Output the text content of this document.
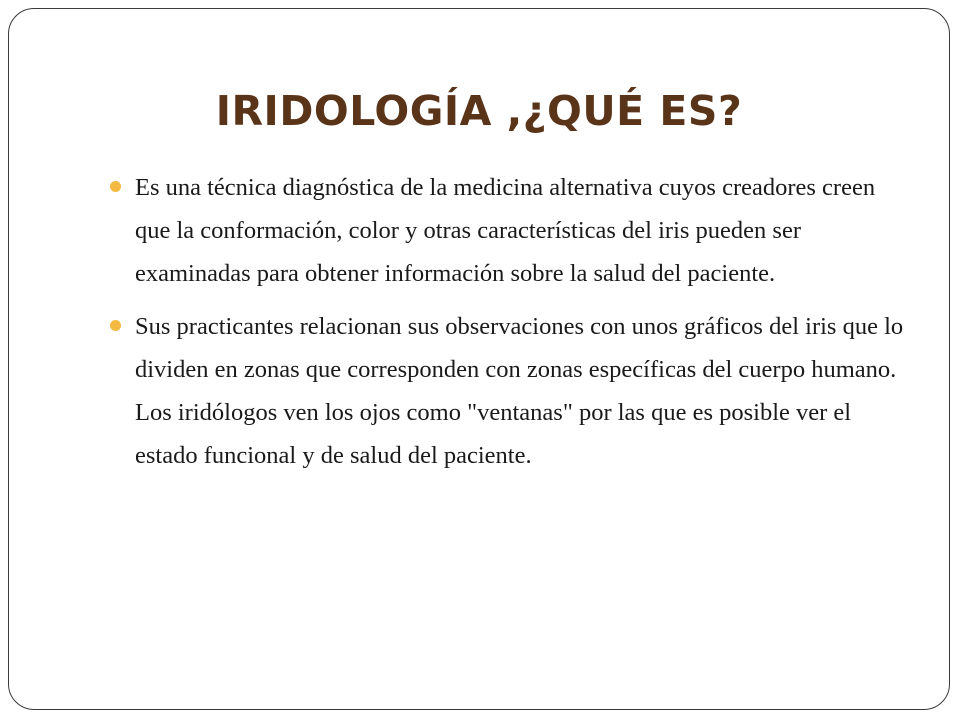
IRIDOLOGÍA ,¿QUÉ ES?
Es una técnica diagnóstica de la medicina alternativa cuyos creadores creen que la conformación, color y otras características del iris pueden ser examinadas para obtener información sobre la salud del paciente.
Sus practicantes relacionan sus observaciones con unos gráficos del iris que lo dividen en zonas que corresponden con zonas específicas del cuerpo humano. Los iridólogos ven los ojos como "ventanas" por las que es posible ver el estado funcional y de salud del paciente.
